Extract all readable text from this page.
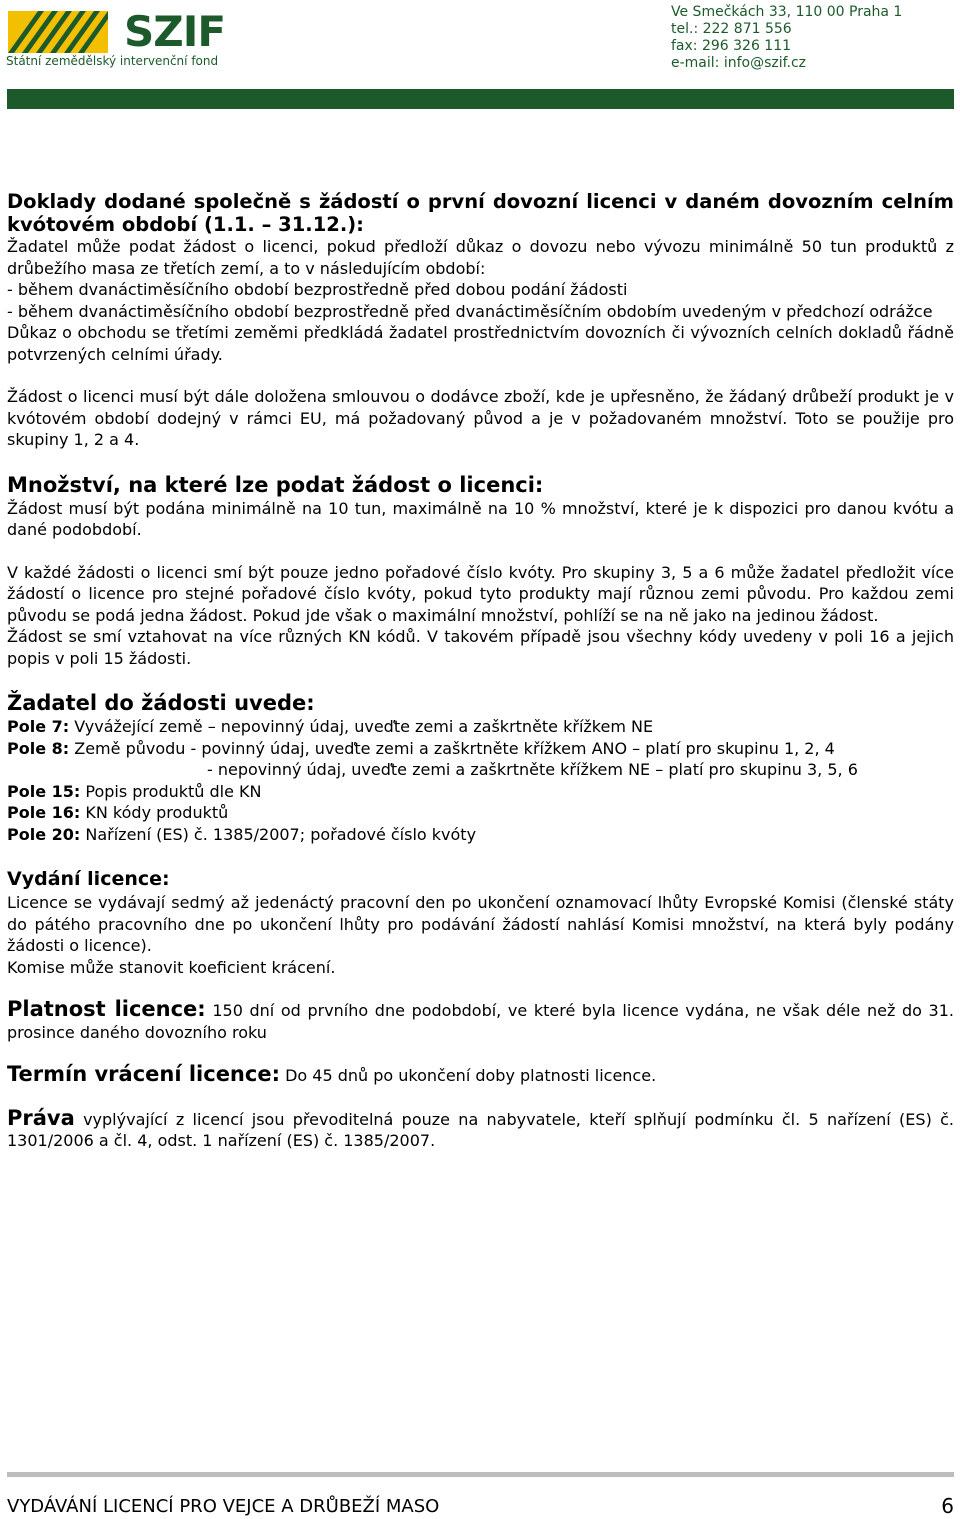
SZIF
Státní zemědělský intervenční fond
Ve Smečkách 33, 110 00 Praha 1
tel.: 222 871 556
fax: 296 326 111
e-mail: info@szif.cz

Doklady dodané společně s žádostí o první dovozní licenci v daném dovozním celním kvótovém období (1.1. – 31.12.):

Žadatel může podat žádost o licenci, pokud předloží důkaz o dovozu nebo vývozu minimálně 50 tun produktů z drůbežího masa ze třetích zemí, a to v následujícím období:

- během dvanáctiměsíčního období bezprostředně před dobou podání žádosti

- během dvanáctiměsíčního období bezprostředně před dvanáctiměsíčním obdobím uvedeným v předchozí odrážce

Důkaz o obchodu se třetími zeměmi předkládá žadatel prostřednictvím dovozních či vývozních celních dokladů řádně potvrzených celními úřady.

Žádost o licenci musí být dále doložena smlouvou o dodávce zboží, kde je upřesněno, že žádaný drůbeží produkt je v kvótovém období dodejný v rámci EU, má požadovaný původ a je v požadovaném množství. Toto se použije pro skupiny 1, 2 a 4.

Množství, na které lze podat žádost o licenci:

Žádost musí být podána minimálně na 10 tun, maximálně na 10 % množství, které je k dispozici pro danou kvótu a dané podobdobí.

V každé žádosti o licenci smí být pouze jedno pořadové číslo kvóty. Pro skupiny 3, 5 a 6 může žadatel předložit více žádostí o licence pro stejné pořadové číslo kvóty, pokud tyto produkty mají různou zemi původu. Pro každou zemi původu se podá jedna žádost. Pokud jde však o maximální množství, pohlíží se na ně jako na jedinou žádost.

Žádost se smí vztahovat na více různých KN kódů. V takovém případě jsou všechny kódy uvedeny v poli 16 a jejich popis v poli 15 žádosti.

Žadatel do žádosti uvede:

Pole 7: Vyvážející země – nepovinný údaj, uveďte zemi a zaškrtněte křížkem NE

Pole 8: Země původu - povinný údaj, uveďte zemi a zaškrtněte křížkem ANO – platí pro skupinu 1, 2, 4

- nepovinný údaj, uveďte zemi a zaškrtněte křížkem NE – platí pro skupinu 3, 5, 6

Pole 15: Popis produktů dle KN

Pole 16: KN kódy produktů

Pole 20: Nařízení (ES) č. 1385/2007; pořadové číslo kvóty

Vydání licence:

Licence se vydávají sedmý až jedenáctý pracovní den po ukončení oznamovací lhůty Evropské Komisi (členské státy do pátého pracovního dne po ukončení lhůty pro podávání žádostí nahlásí Komisi množství, na která byly podány žádosti o licence).

Komise může stanovit koeficient krácení.

Platnost licence: 150 dní od prvního dne podobdobí, ve které byla licence vydána, ne však déle než do 31. prosince daného dovozního roku

Termín vrácení licence: Do 45 dnů po ukončení doby platnosti licence.

Práva vyplývající z licencí jsou převoditelná pouze na nabyvatele, kteří splňují podmínku čl. 5 nařízení (ES) č. 1301/2006 a čl. 4, odst. 1 nařízení (ES) č. 1385/2007.

VYDÁVÁNÍ LICENCÍ PRO VEJCE A DRŮBEŽÍ MASO	6
